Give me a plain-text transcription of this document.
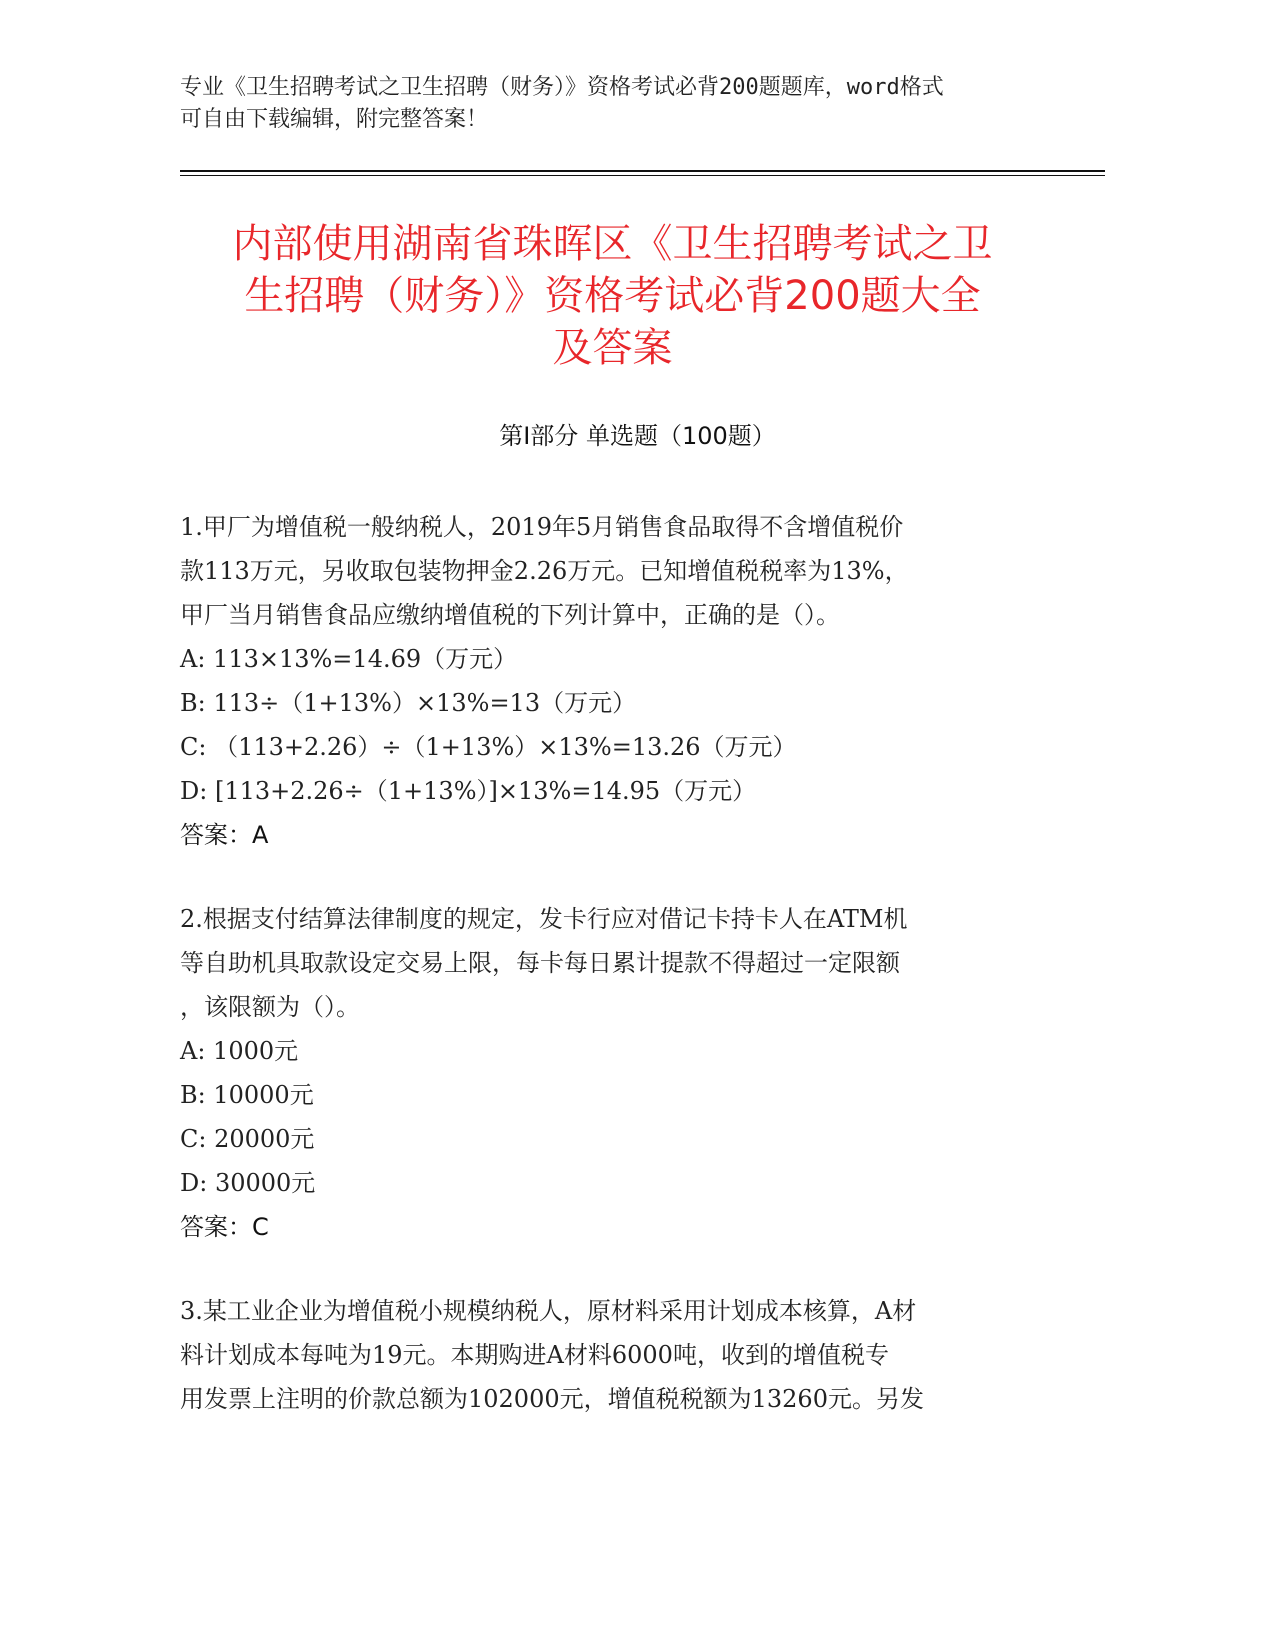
专业《卫生招聘考试之卫生招聘（财务）》资格考试必背200题题库，word格式
可自由下载编辑，附完整答案！
内部使用湖南省珠晖区《卫生招聘考试之卫
生招聘（财务）》资格考试必背200题大全
及答案
第Ⅰ部分 单选题（100题）
1.甲厂为增值税一般纳税人，2019年5月销售食品取得不含增值税价
款113万元，另收取包装物押金2.26万元。已知增值税税率为13%，
甲厂当月销售食品应缴纳增值税的下列计算中，正确的是（）。
A: 113×13%=14.69（万元）
B: 113÷（1+13%）×13%=13（万元）
C: （113+2.26）÷（1+13%）×13%=13.26（万元）
D: [113+2.26÷（1+13%）]×13%=14.95（万元）
答案：A
2.根据支付结算法律制度的规定，发卡行应对借记卡持卡人在ATM机
等自助机具取款设定交易上限，每卡每日累计提款不得超过一定限额
，该限额为（）。
A: 1000元
B: 10000元
C: 20000元
D: 30000元
答案：C
3.某工业企业为增值税小规模纳税人，原材料采用计划成本核算，A材
料计划成本每吨为19元。本期购进A材料6000吨，收到的增值税专
用发票上注明的价款总额为102000元，增值税税额为13260元。另发
